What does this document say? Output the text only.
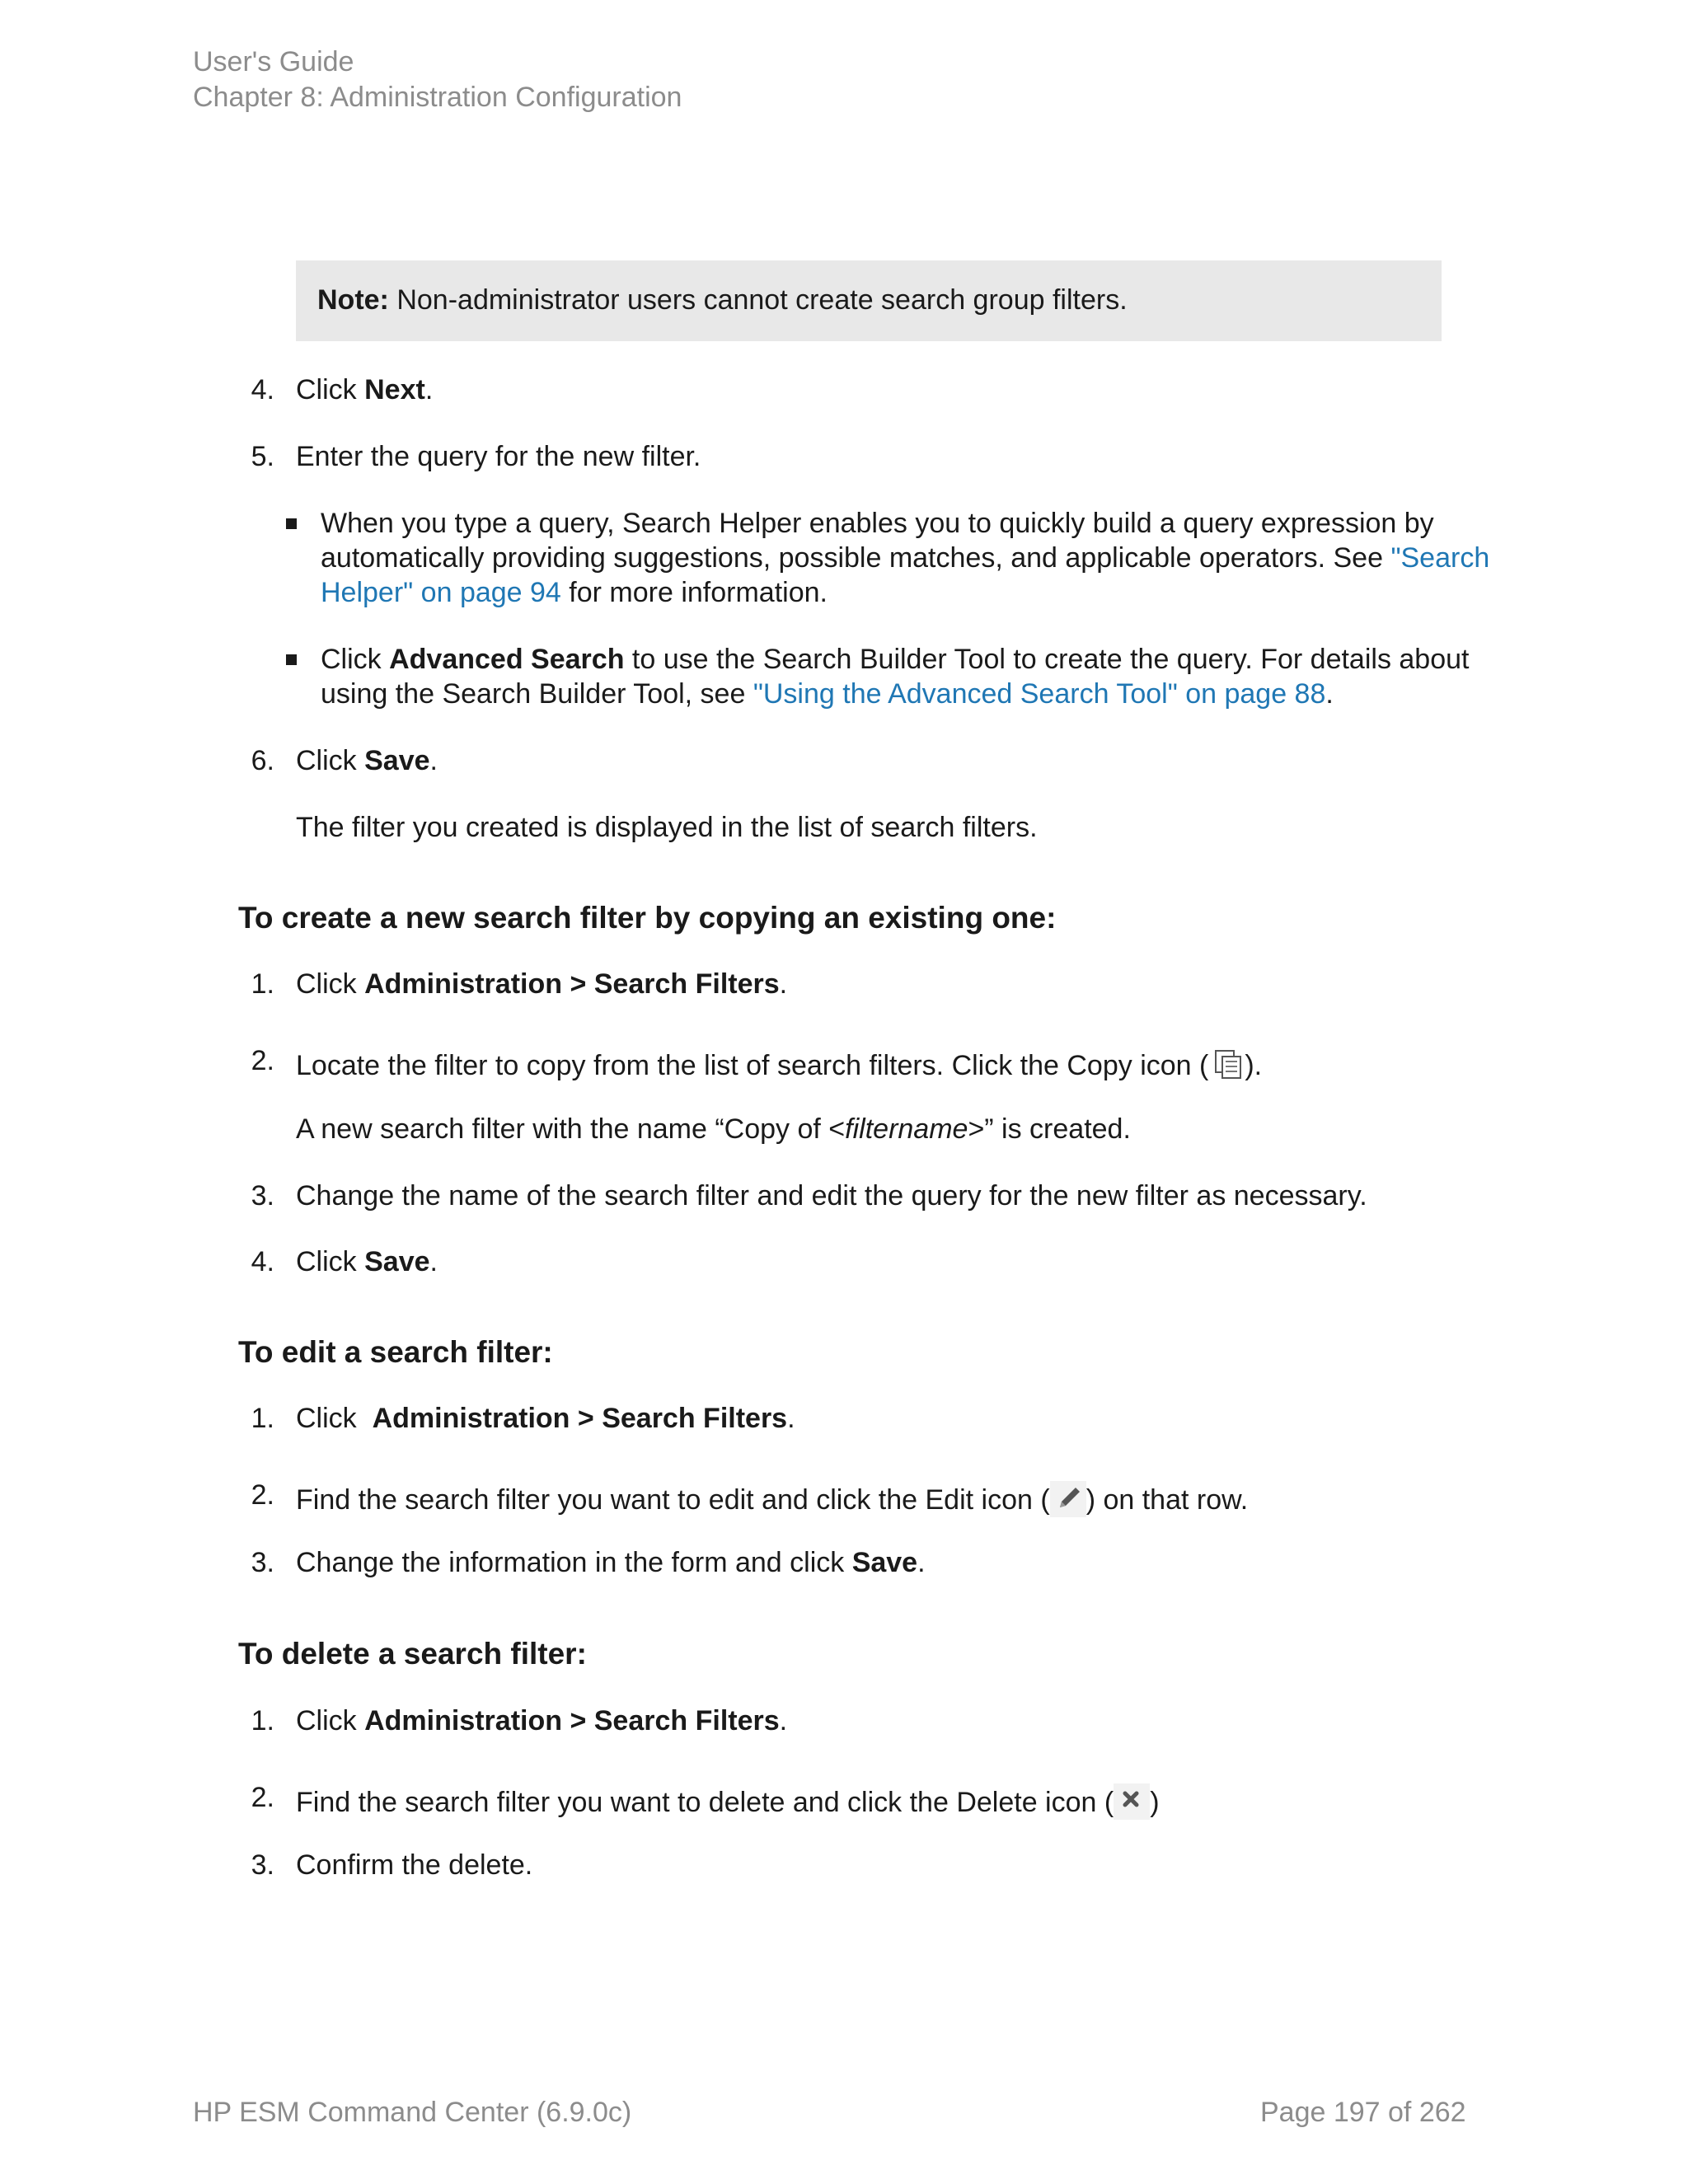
User's Guide
Chapter 8: Administration Configuration
Note: Non-administrator users cannot create search group filters.
4. Click Next.
5. Enter the query for the new filter.
When you type a query, Search Helper enables you to quickly build a query expression by
automatically providing suggestions, possible matches, and applicable operators. See "Search
Helper" on page 94 for more information.
Click Advanced Search to use the Search Builder Tool to create the query. For details about
using the Search Builder Tool, see "Using the Advanced Search Tool" on page 88.
6. Click Save.
The filter you created is displayed in the list of search filters.
To create a new search filter by copying an existing one:
1. Click Administration > Search Filters.
2. Locate the filter to copy from the list of search filters. Click the Copy icon ( ).
A new search filter with the name “Copy of <filtername>” is created.
3. Change the name of the search filter and edit the query for the new filter as necessary.
4. Click Save.
To edit a search filter:
1. Click  Administration > Search Filters.
2. Find the search filter you want to edit and click the Edit icon ( ) on that row.
3. Change the information in the form and click Save.
To delete a search filter:
1. Click Administration > Search Filters.
2. Find the search filter you want to delete and click the Delete icon ( )
3. Confirm the delete.
HP ESM Command Center (6.9.0c)	Page 197 of 262
